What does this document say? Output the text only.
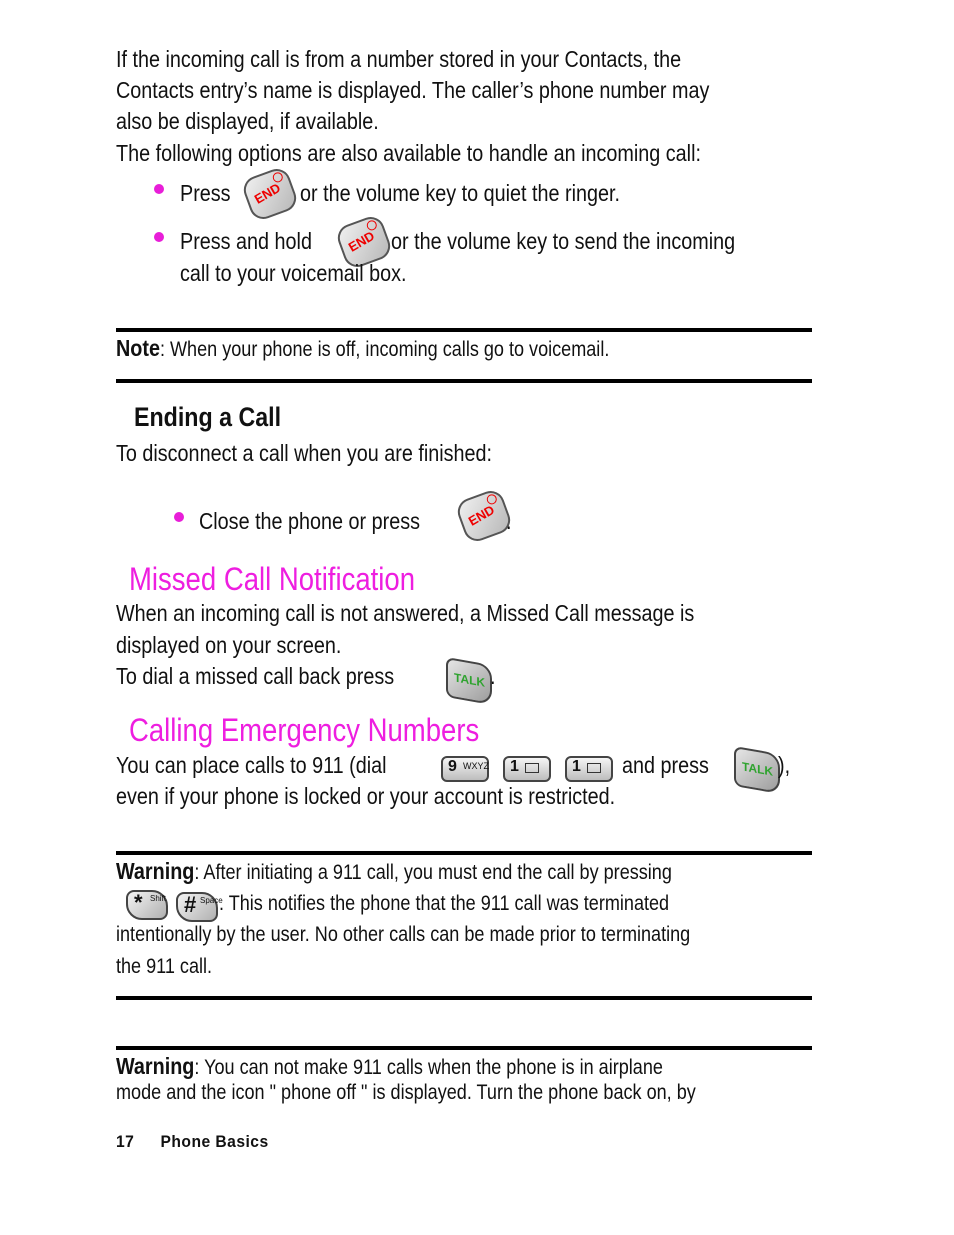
If the incoming call is from a number stored in your Contacts, the
Contacts entry’s name is displayed. The caller’s phone number may
also be displayed, if available.
The following options are also available to handle an incoming call:
Press END or the volume key to quiet the ringer.
Press and hold	END or the volume key to send the incoming
call to your voicemail box.
Note: When your phone is off, incoming calls go to voicemail.
Ending a Call
To disconnect a call when you are finished:
Close the phone or press	END .
Missed Call Notification
When an incoming call is not answered, a Missed Call message is
displayed on your screen.
To dial a missed call back press	TALK .
Calling Emergency Numbers
You can place calls to 911 (dial	9 WXYZ 1	1 and press	TALK ),
even if your phone is locked or your account is restricted.
Warning: After initiating a 911 call, you must end the call by pressing
* Shift # Space
. This notifies the phone that the 911 call was terminated
intentionally by the user. No other calls can be made prior to terminating
the 911 call.
Warning: You can not make 911 calls when the phone is in airplane
mode and the icon " phone off " is displayed. Turn the phone back on, by
17 Phone Basics
